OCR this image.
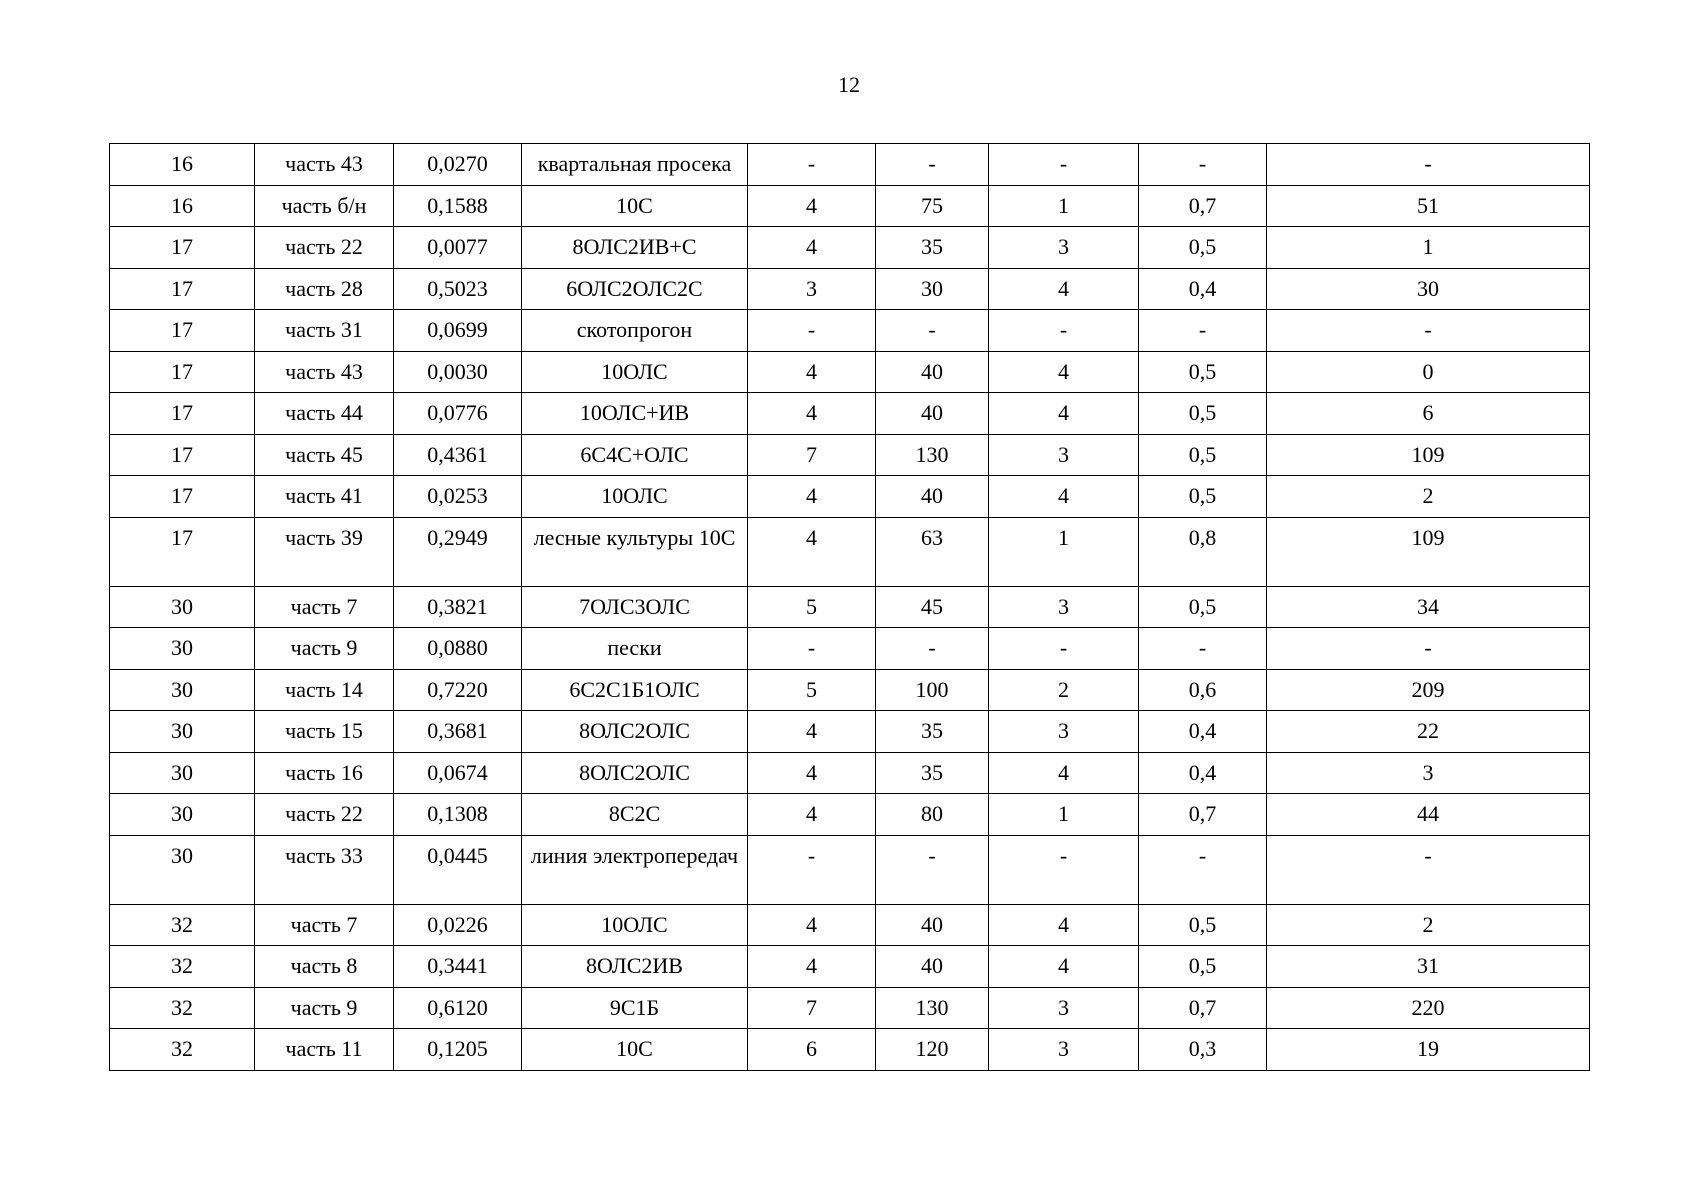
12
16	часть 43	0,0270	квартальная просека	-	-	-	-	-
16	часть б/н	0,1588	10С	4	75	1	0,7	51
17	часть 22	0,0077	8ОЛС2ИВ+С	4	35	3	0,5	1
17	часть 28	0,5023	6ОЛС2ОЛС2С	3	30	4	0,4	30
17	часть 31	0,0699	скотопрогон	-	-	-	-	-
17	часть 43	0,0030	10ОЛС	4	40	4	0,5	0
17	часть 44	0,0776	10ОЛС+ИВ	4	40	4	0,5	6
17	часть 45	0,4361	6С4С+ОЛС	7	130	3	0,5	109
17	часть 41	0,0253	10ОЛС	4	40	4	0,5	2
17	часть 39	0,2949	лесные культуры 10С	4	63	1	0,8	109
30	часть 7	0,3821	7ОЛС3ОЛС	5	45	3	0,5	34
30	часть 9	0,0880	пески	-	-	-	-	-
30	часть 14	0,7220	6С2С1Б1ОЛС	5	100	2	0,6	209
30	часть 15	0,3681	8ОЛС2ОЛС	4	35	3	0,4	22
30	часть 16	0,0674	8ОЛС2ОЛС	4	35	4	0,4	3
30	часть 22	0,1308	8С2С	4	80	1	0,7	44
30	часть 33	0,0445	линия электропередач	-	-	-	-	-
32	часть 7	0,0226	10ОЛС	4	40	4	0,5	2
32	часть 8	0,3441	8ОЛС2ИВ	4	40	4	0,5	31
32	часть 9	0,6120	9С1Б	7	130	3	0,7	220
32	часть 11	0,1205	10С	6	120	3	0,3	19
